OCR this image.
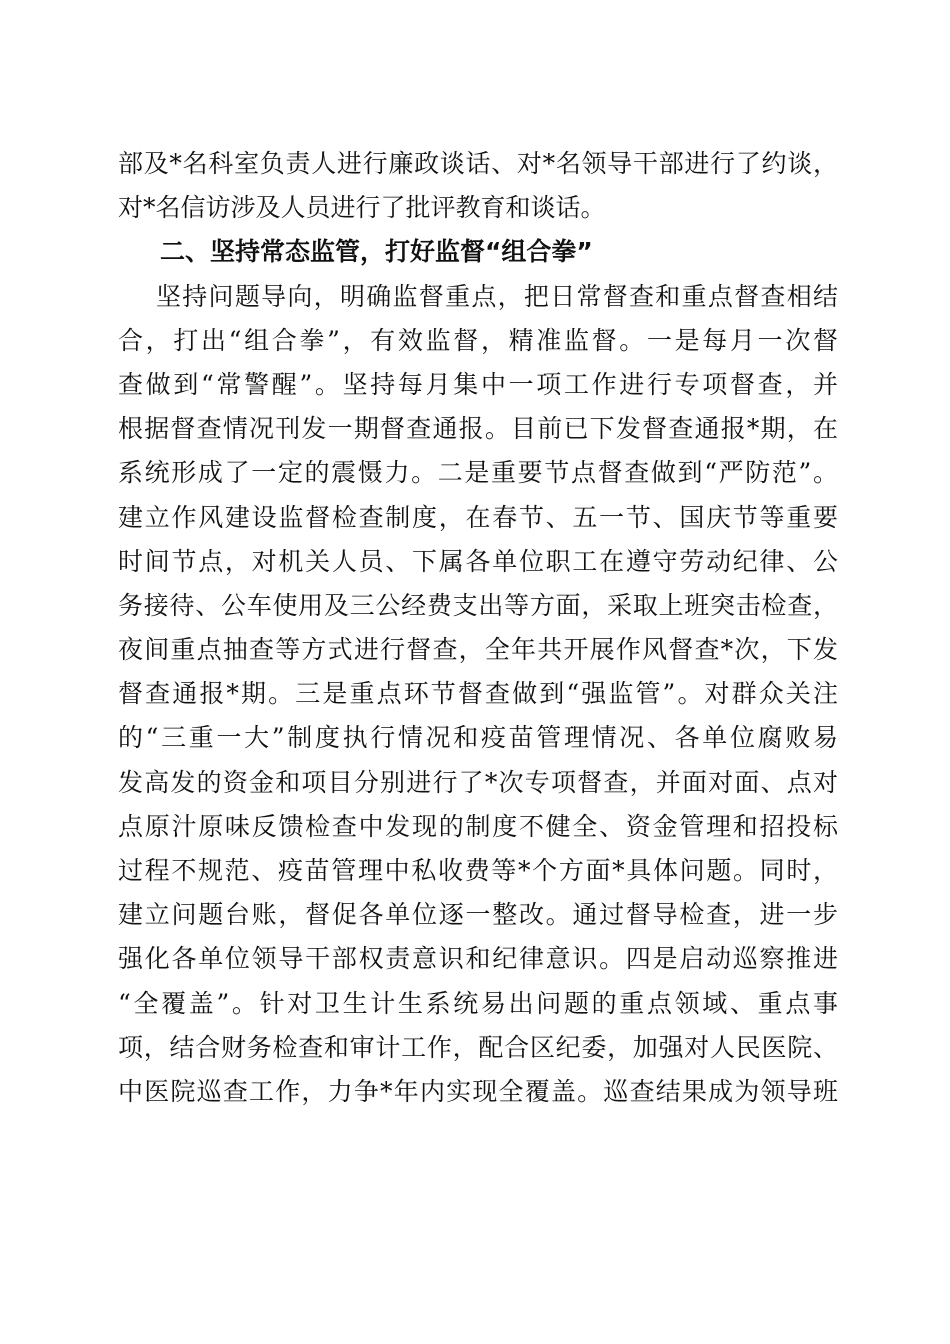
部及*名科室负责人进行廉政谈话、对*名领导干部进行了约谈，
对*名信访涉及人员进行了批评教育和谈话。
二、坚持常态监管，打好监督“组合拳”
坚持问题导向，明确监督重点，把日常督查和重点督查相结
合，打出“组合拳”，有效监督，精准监督。一是每月一次督
查做到“常警醒”。坚持每月集中一项工作进行专项督查，并
根据督查情况刊发一期督查通报。目前已下发督查通报*期，在
系统形成了一定的震慑力。二是重要节点督查做到“严防范”。
建立作风建设监督检查制度，在春节、五一节、国庆节等重要
时间节点，对机关人员、下属各单位职工在遵守劳动纪律、公
务接待、公车使用及三公经费支出等方面，采取上班突击检查，
夜间重点抽查等方式进行督查，全年共开展作风督查*次，下发
督查通报*期。三是重点环节督查做到“强监管”。对群众关注
的“三重一大”制度执行情况和疫苗管理情况、各单位腐败易
发高发的资金和项目分别进行了*次专项督查，并面对面、点对
点原汁原味反馈检查中发现的制度不健全、资金管理和招投标
过程不规范、疫苗管理中私收费等*个方面*具体问题。同时，
建立问题台账，督促各单位逐一整改。通过督导检查，进一步
强化各单位领导干部权责意识和纪律意识。四是启动巡察推进
“全覆盖”。针对卫生计生系统易出问题的重点领域、重点事
项，结合财务检查和审计工作，配合区纪委，加强对人民医院、
中医院巡查工作，力争*年内实现全覆盖。巡查结果成为领导班
